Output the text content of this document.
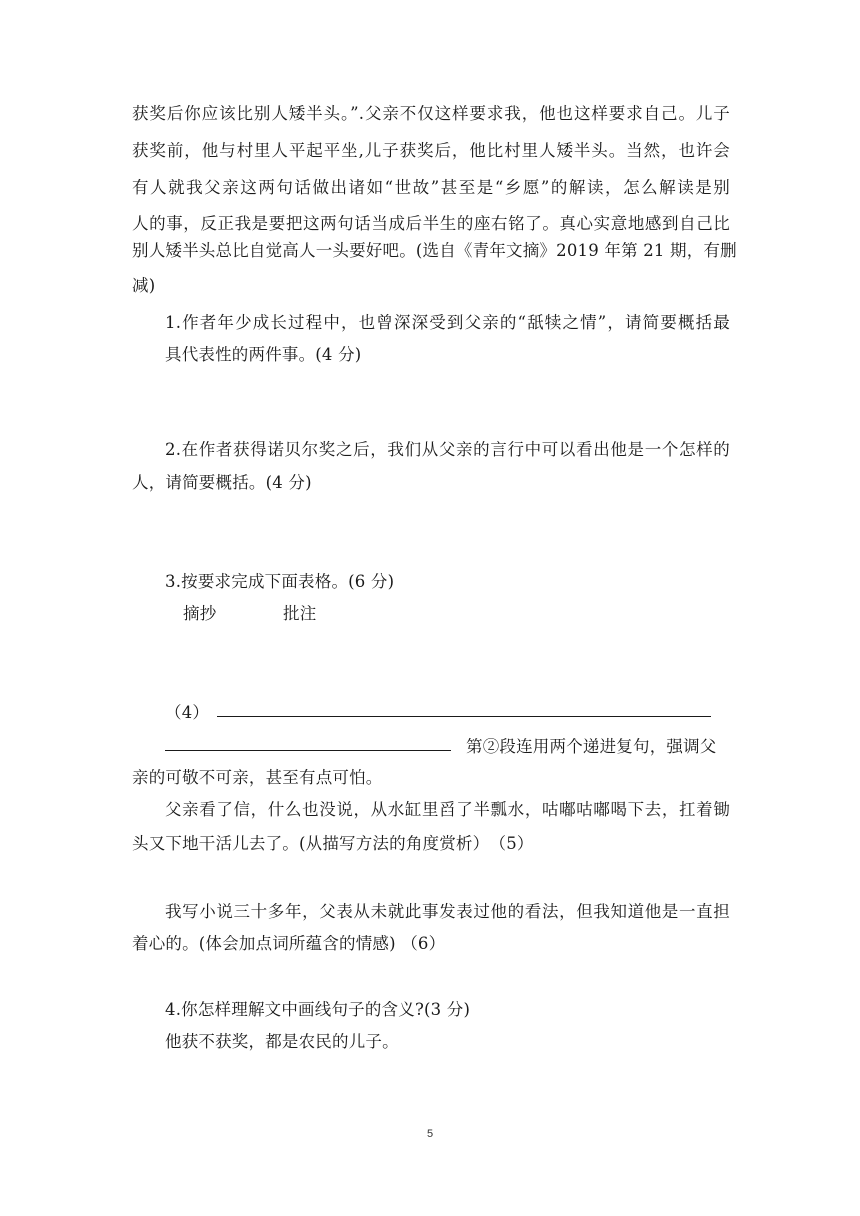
获奖后你应该比别人矮半头。”.父亲不仅这样要求我，他也这样要求自己。儿子
获奖前，他与村里人平起平坐,儿子获奖后，他比村里人矮半头。当然，也许会
有人就我父亲这两句话做出诸如“世故”甚至是“乡愿”的解读，怎么解读是别
人的事，反正我是要把这两句话当成后半生的座右铭了。真心实意地感到自己比
别人矮半头总比自觉高人一头要好吧。(选自《青年文摘》2019 年第 21 期，有删
减)
1.作者年少成长过程中，也曾深深受到父亲的“舐犊之情”，请简要概括最
具代表性的两件事。(4 分)
2.在作者获得诺贝尔奖之后，我们从父亲的言行中可以看出他是一个怎样的
人，请简要概括。(4 分)
3.按要求完成下面表格。(6 分)
摘抄	批注
（4）
第②段连用两个递进复句，强调父
亲的可敬不可亲，甚至有点可怕。
父亲看了信，什么也没说，从水缸里舀了半瓢水，咕嘟咕嘟喝下去，扛着锄
头又下地干活儿去了。(从描写方法的角度赏析）　（5）
我写小说三十多年，父表从未就此事发表过他的看法，但我知道他是一直担
着心的。(体会加点词所蕴含的情感) （6）
4.你怎样理解文中画线句子的含义?(3 分)
他获不获奖，都是农民的儿子。
5
